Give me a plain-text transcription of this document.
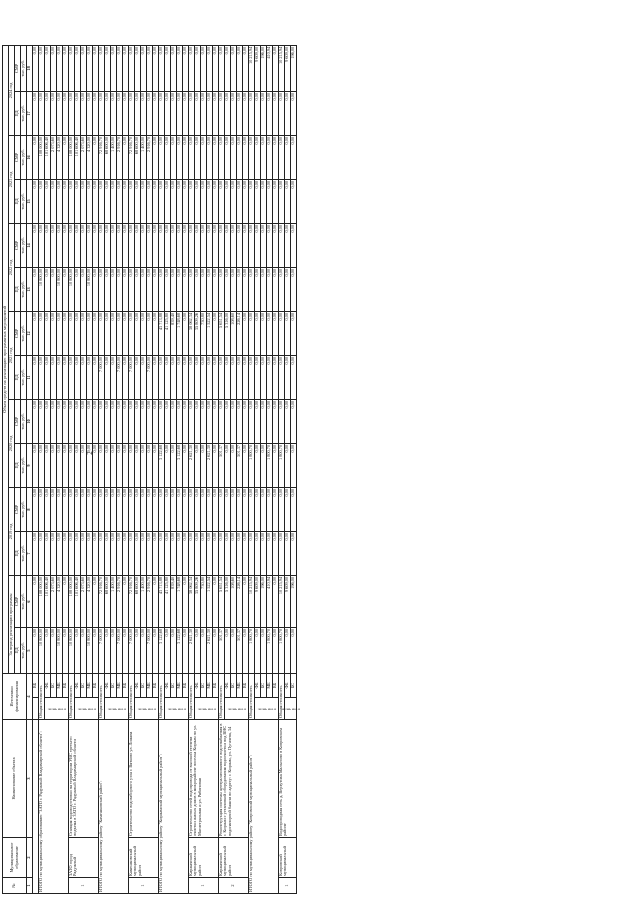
2
№	Муниципальное образование	Наименование объекта	Источники финансирования		Объем средств на реализацию программных мероприятий													
					За период реализации программы		2019 год		2020 год		2021 год		2022 год		2023 год		2024 год	
					ПД	СМР	ПД	СМР	ПД	СМР	ПД	СМР	ПД	СМР	ПД	СМР	ПД	СМР
					тыс. руб.	тыс. руб.	тыс. руб.	тыс. руб.	тыс. руб.	тыс. руб.	тыс. руб.	тыс. руб.	тыс. руб.	тыс. руб.	тыс. руб.	тыс. руб.	тыс. руб.	тыс. руб.
1	2	3	4		5	6	7	8	9	10	11	12	13	14	15	16	17	18
				ВБ	0,00	0,00	0,00	0,00	0,00	0,00	0,00	0,00	0,00	0,00	0,00	0,00	0,00	0,00
ИТОГО по муниципальному образованию "ЗАТО г. Радужный Владимирской области":			Общая стоимость		10 800,00	108 000,00	0,00	0,00	0,00	0,00	0,00	0,00	10 800,00	0,00	0,00	108 000,00	0,00	0,00
			в том числе:	ФБ	0,00	101 606,40	0,00	0,00	0,00	0,00	0,00	0,00	0,00	0,00	0,00	101 606,40	0,00	0,00
				БС	0,00	2 073,60	0,00	0,00	0,00	0,00	0,00	0,00	0,00	0,00	0,00	2 073,60	0,00	0,00
				МБ	10 800,00	4 320,00	0,00	0,00	0,00	0,00	0,00	0,00	10 800,00	0,00	0,00	4 320,00	0,00	0,00
				ВБ	0,00	0,00	0,00	0,00	0,00	0,00	0,00	0,00	0,00	0,00	0,00	0,00	0,00	0,00
1	ЗАТО город Радужный	Станция водоподготовки на территории УВС третьего подъема в ЗАТО г. Радужный Владимирской области	Общая стоимость		10 800,00	108 000,00	0,00	0,00	0,00	0,00	0,00	0,00	10 800,00	0,00	0,00	108 000,00	0,00	0,00
			в том числе:	ФБ	0,00	101 606,40	0,00	0,00	0,00	0,00	0,00	0,00	0,00	0,00	0,00	101 606,40	0,00	0,00
				БС	0,00	2 073,60	0,00	0,00	0,00	0,00	0,00	0,00	0,00	0,00	0,00	2 073,60	0,00	0,00
				МБ	10 800,00	4 320,00	0,00	0,00	0,00	0,00	0,00	0,00	10 800,00	0,00	0,00	4 320,00	0,00	0,00
				ВБ	0,00	0,00	0,00	0,00	0,00	0,00	0,00	0,00	0,00	0,00	0,00	0,00	0,00	0,00
ИТОГО по муниципальному району "Камешковский район":			Общая стоимость		7 000,00	72 916,70	0,00	0,00	0,00	0,00	7 000,00	0,00	0,00	0,00	0,00	72 916,70	0,00	0,00
			в том числе:	ФБ	0,00	68 600,00	0,00	0,00	0,00	0,00	0,00	0,00	0,00	0,00	0,00	68 600,00	0,00	0,00
				БС	0,00	1 400,00	0,00	0,00	0,00	0,00	0,00	0,00	0,00	0,00	0,00	1 400,00	0,00	0,00
				МБ	7 000,00	2 916,70	0,00	0,00	0,00	0,00	7 000,00	0,00	0,00	0,00	0,00	2 916,70	0,00	0,00
				ВБ	0,00	0,00	0,00	0,00	0,00	0,00	0,00	0,00	0,00	0,00	0,00	0,00	0,00	0,00
1	Камешковский муниципальный район	Строительство водозаборного узла г. Вятково ул. Ломана	Общая стоимость		7 000,00	72 916,70	0,00	0,00	0,00	0,00	7 000,00	0,00	0,00	0,00	0,00	72 916,70	0,00	0,00
			в том числе:	ФБ	0,00	68 600,00	0,00	0,00	0,00	0,00	0,00	0,00	0,00	0,00	0,00	68 600,00	0,00	0,00
				БС	0,00	1 400,00	0,00	0,00	0,00	0,00	0,00	0,00	0,00	0,00	0,00	1 400,00	0,00	0,00
				МБ	7 000,00	2 916,70	0,00	0,00	0,00	0,00	7 000,00	0,00	0,00	0,00	0,00	2 916,70	0,00	0,00
				ВБ	0,00	0,00	0,00	0,00	0,00	0,00	0,00	0,00	0,00	0,00	0,00	0,00	0,00	0,00
ИТОГО по муниципальному району "Киржачский муниципальный район":			Общая стоимость		3 122,68	43 713,88	0,00	0,00	3 122,68	0,00	0,00	43 713,88	0,00	0,00	0,00	0,00	0,00	0,00
			в том числе:	ФБ	0,00	41 125,80	0,00	0,00	0,00	0,00	0,00	41 125,80	0,00	0,00	0,00	0,00	0,00	0,00
				БС	0,00	839,40	0,00	0,00	0,00	0,00	0,00	839,40	0,00	0,00	0,00	0,00	0,00	0,00
				МБ	3 122,68	1 748,68	0,00	0,00	3 122,68	0,00	0,00	1 748,68	0,00	0,00	0,00	0,00	0,00	0,00
				ВБ	0,00	0,00	0,00	0,00	0,00	0,00	0,00	0,00	0,00	0,00	0,00	0,00	0,00	0,00
1	Киржачский муниципальный район	Строительство сетей водопровода от высокой степени очистки жилых домов в микрорайоне поселка Киржач по ул. Магистральная и ул. Рябиновая	Общая стоимость		2 621,30	38 062,34	0,00	0,00	2 621,30	0,00	0,00	38 062,34	0,00	0,00	0,00	0,00	0,00	0,00
			в том числе:	ФБ	0,00	35 809,26	0,00	0,00	0,00	0,00	0,00	35 809,26	0,00	0,00	0,00	0,00	0,00	0,00
				БС	0,00	730,80	0,00	0,00	0,00	0,00	0,00	730,80	0,00	0,00	0,00	0,00	0,00	0,00
				МБ	2 621,30	1 522,54	0,00	0,00	2 621,30	0,00	0,00	1 522,54	0,00	0,00	0,00	0,00	0,00	0,00
				ВБ	0,00	0,00	0,00	0,00	0,00	0,00	0,00	0,00	0,00	0,00	0,00	0,00	0,00	0,00
2	Киржачский муниципальный район	Реконструкция системы централизованного водоснабжения в г. Киржач с установкой оборудования водоочистки под ВНС водонапорной башни по адресу: г. Киржач, ул. Пугачева, 34	Общая стоимость		501,37	5 651,54	0,00	0,00	501,37	0,00	0,00	5 651,54	0,00	0,00	0,00	0,00	0,00	0,00
			в том числе:	ФБ	0,00	5 316,00	0,00	0,00	0,00	0,00	0,00	5 316,00	0,00	0,00	0,00	0,00	0,00	0,00
				БС	0,00	108,60	0,00	0,00	0,00	0,00	0,00	108,60	0,00	0,00	0,00	0,00	0,00	0,00
				МБ	501,37	226,14	0,00	0,00	501,37	0,00	0,00	226,14	0,00	0,00	0,00	0,00	0,00	0,00
				ВБ	0,00	0,00	0,00	0,00	0,00	0,00	0,00	0,00	0,00	0,00	0,00	0,00	0,00	0,00
ИТОГО по муниципальному району "Ковровский муниципальный район":			Общая стоимость		1 800,70	10 215,94	0,00	0,00	1 800,70	0,00	0,00	0,00	0,00	0,00	0,00	0,00	0,00	10 215,94
			в том числе:	ФБ	0,00	9 609,00	0,00	0,00	0,00	0,00	0,00	0,00	0,00	0,00	0,00	0,00	0,00	9 609,00
				БС	0,00	196,00	0,00	0,00	0,00	0,00	0,00	0,00	0,00	0,00	0,00	0,00	0,00	196,00
				МБ	1 800,70	410,94	0,00	0,00	1 800,70	0,00	0,00	0,00	0,00	0,00	0,00	0,00	0,00	410,94
				ВБ	0,00	0,00	0,00	0,00	0,00	0,00	0,00	0,00	0,00	0,00	0,00	0,00	0,00	0,00
1	Ковровский муниципальный	Водопроводная сеть д. Верхутиха Малыгино в Ковровском районе	Общая стоимость		1 800,70	10 215,94	0,00	0,00	1 800,70	0,00	0,00	0,00	0,00	0,00	0,00	0,00	0,00	10 215,94
			в том числе:	ФБ	0,00	9 609,00	0,00	0,00	0,00	0,00	0,00	0,00	0,00	0,00	0,00	0,00	0,00	9 609,00
				БС	0,00	196,00	0,00	0,00	0,00	0,00	0,00	0,00	0,00	0,00	0,00	0,00	0,00	196,00
